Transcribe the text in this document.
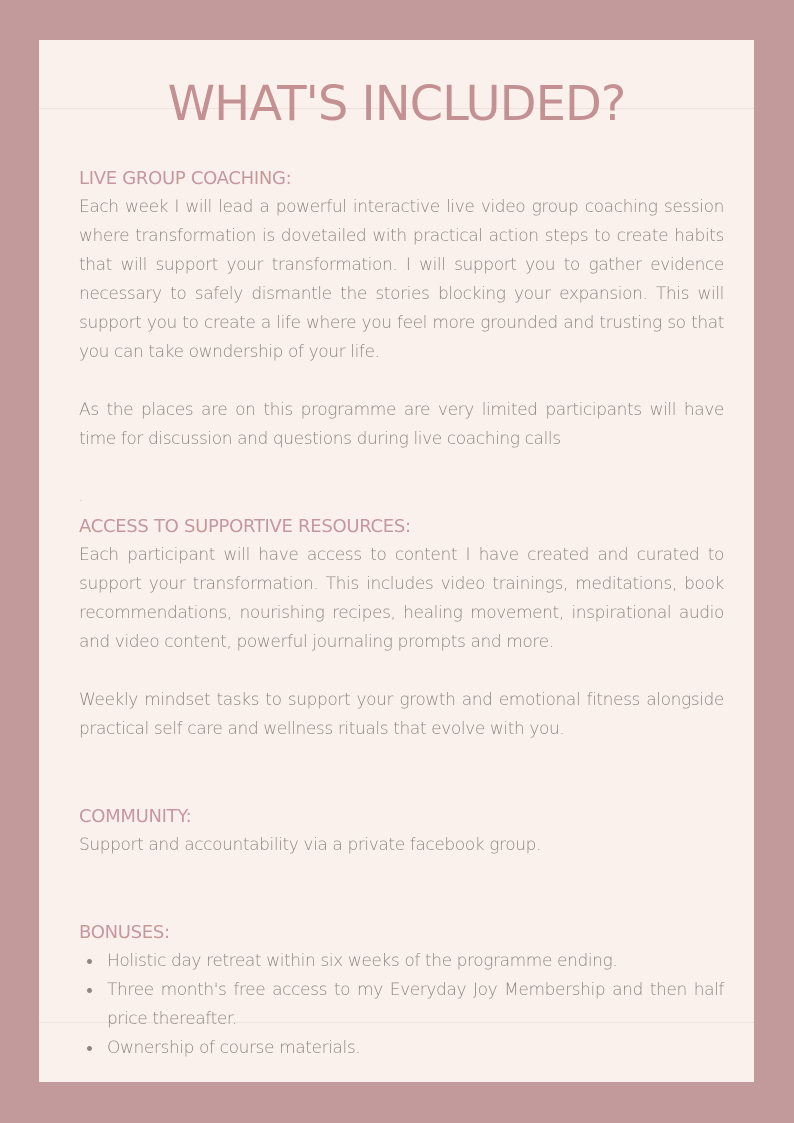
WHAT'S INCLUDED?
LIVE GROUP COACHING:

Each week I will lead a powerful interactive live video group coaching session where transformation is dovetailed with practical action steps to create habits that will support your transformation. I will support you to gather evidence necessary to safely dismantle the stories blocking your expansion. This will support you to create a life where you feel more grounded and trusting so that you can take owndership of your life.

As the places are on this programme are very limited participants will have time for discussion and questions during live coaching calls

.
ACCESS TO SUPPORTIVE RESOURCES:

Each participant will have access to content I have created and curated to support your transformation. This includes video trainings, meditations, book recommendations, nourishing recipes, healing movement, inspirational audio and video content, powerful journaling prompts and more.

Weekly mindset tasks to support your growth and emotional fitness alongside practical self care and wellness rituals that evolve with you.

COMMUNITY:

Support and accountability via a private facebook group.

BONUSES:
Holistic day retreat within six weeks of the programme ending.
Three month's free access to my Everyday Joy Membership and then half price thereafter.
Ownership of course materials.
